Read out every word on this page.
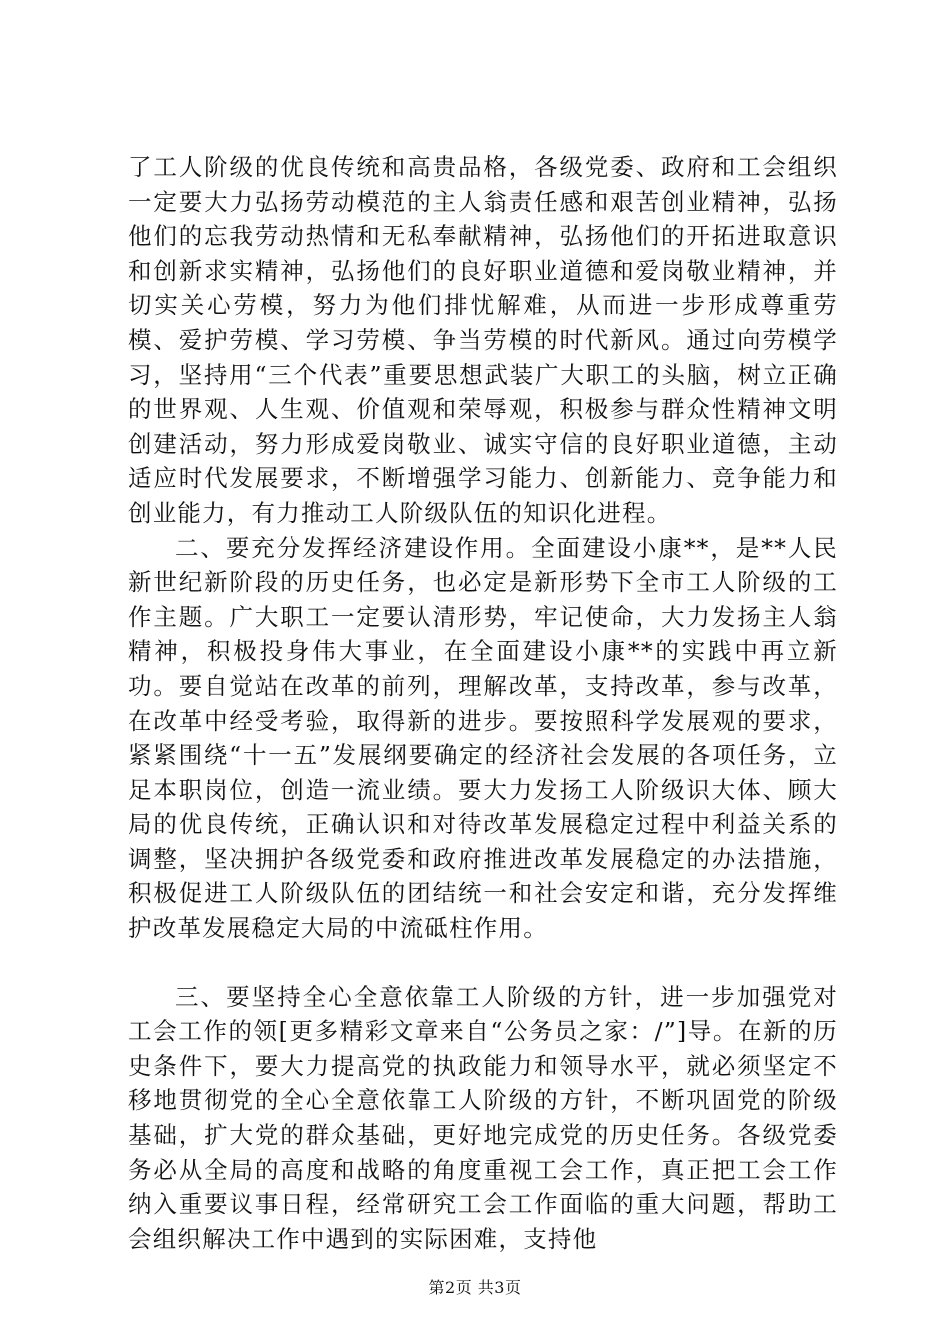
了工人阶级的优良传统和高贵品格，各级党委、政府和工会组织一定要大力弘扬劳动模范的主人翁责任感和艰苦创业精神，弘扬他们的忘我劳动热情和无私奉献精神，弘扬他们的开拓进取意识和创新求实精神，弘扬他们的良好职业道德和爱岗敬业精神，并切实关心劳模，努力为他们排忧解难，从而进一步形成尊重劳模、爱护劳模、学习劳模、争当劳模的时代新风。通过向劳模学习，坚持用“三个代表”重要思想武装广大职工的头脑，树立正确的世界观、人生观、价值观和荣辱观，积极参与群众性精神文明创建活动，努力形成爱岗敬业、诚实守信的良好职业道德，主动适应时代发展要求，不断增强学习能力、创新能力、竞争能力和创业能力，有力推动工人阶级队伍的知识化进程。
二、要充分发挥经济建设作用。全面建设小康**，是**人民新世纪新阶段的历史任务，也必定是新形势下全市工人阶级的工作主题。广大职工一定要认清形势，牢记使命，大力发扬主人翁精神，积极投身伟大事业，在全面建设小康**的实践中再立新功。要自觉站在改革的前列，理解改革，支持改革，参与改革，在改革中经受考验，取得新的进步。要按照科学发展观的要求，紧紧围绕“十一五”发展纲要确定的经济社会发展的各项任务，立足本职岗位，创造一流业绩。要大力发扬工人阶级识大体、顾大局的优良传统，正确认识和对待改革发展稳定过程中利益关系的调整，坚决拥护各级党委和政府推进改革发展稳定的办法措施，积极促进工人阶级队伍的团结统一和社会安定和谐，充分发挥维护改革发展稳定大局的中流砥柱作用。
三、要坚持全心全意依靠工人阶级的方针，进一步加强党对工会工作的领[更多精彩文章来自“公务员之家：/”]导。在新的历史条件下，要大力提高党的执政能力和领导水平，就必须坚定不移地贯彻党的全心全意依靠工人阶级的方针，不断巩固党的阶级基础，扩大党的群众基础，更好地完成党的历史任务。各级党委务必从全局的高度和战略的角度重视工会工作，真正把工会工作纳入重要议事日程，经常研究工会工作面临的重大问题，帮助工会组织解决工作中遇到的实际困难，支持他
第2页 共3页
